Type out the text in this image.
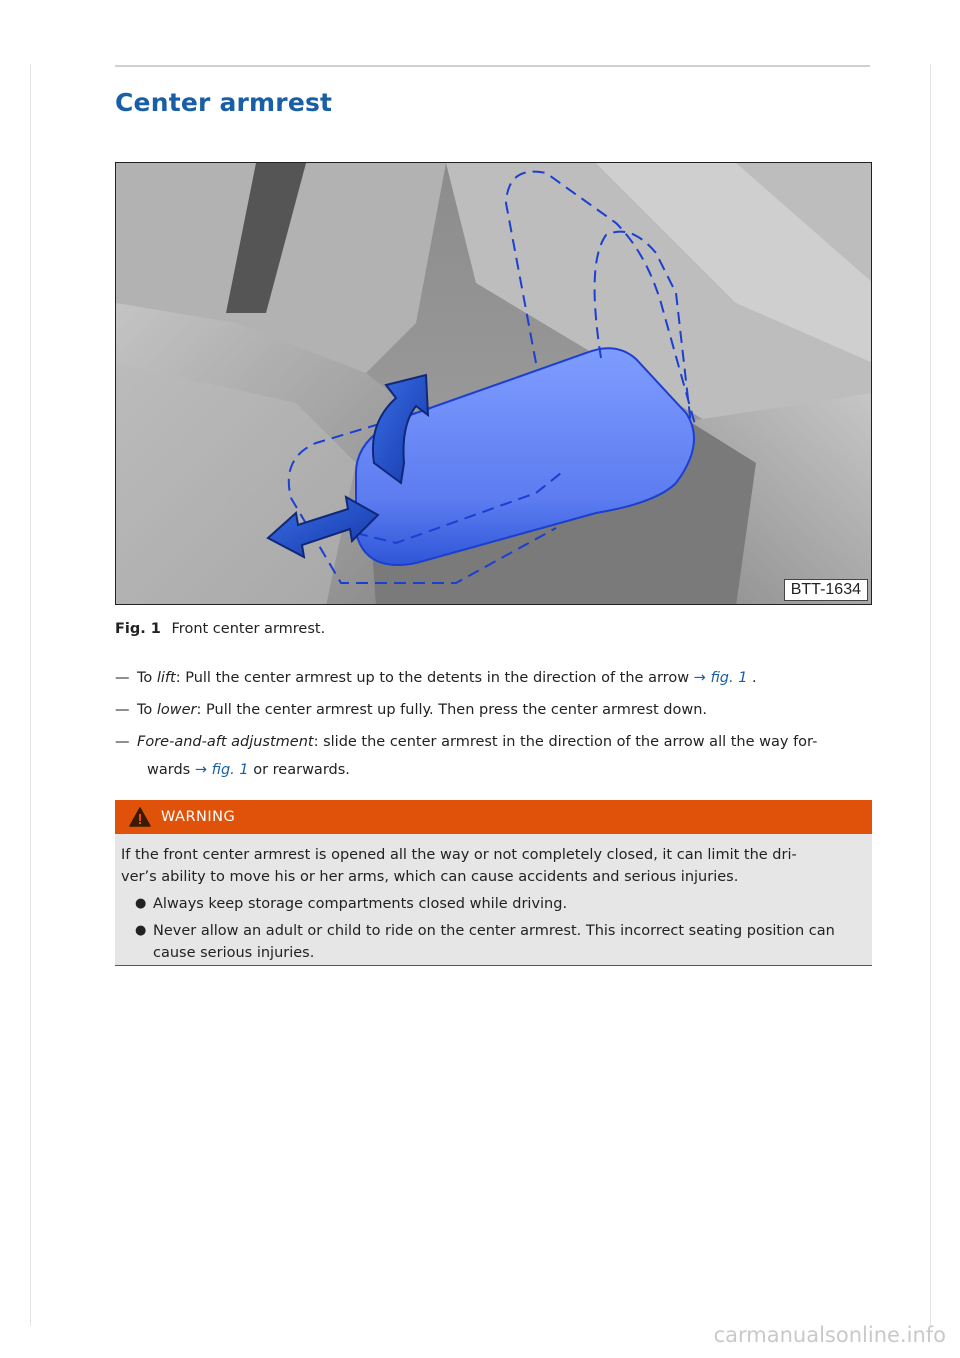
Center armrest
BTT-1634
Fig. 1 Front center armrest.
— To lift: Pull the center armrest up to the detents in the direction of the arrow → fig. 1 .
— To lower: Pull the center armrest up fully. Then press the center armrest down.
— Fore-and-aft adjustment: slide the center armrest in the direction of the arrow all the way for-
wards → fig. 1 or rearwards.
WARNING

If the front center armrest is opened all the way or not completely closed, it can limit the dri-
ver’s ability to move his or her arms, which can cause accidents and serious injuries.

● Always keep storage compartments closed while driving.
● Never allow an adult or child to ride on the center armrest. This incorrect seating position can cause serious injuries.
carmanualsonline.info
